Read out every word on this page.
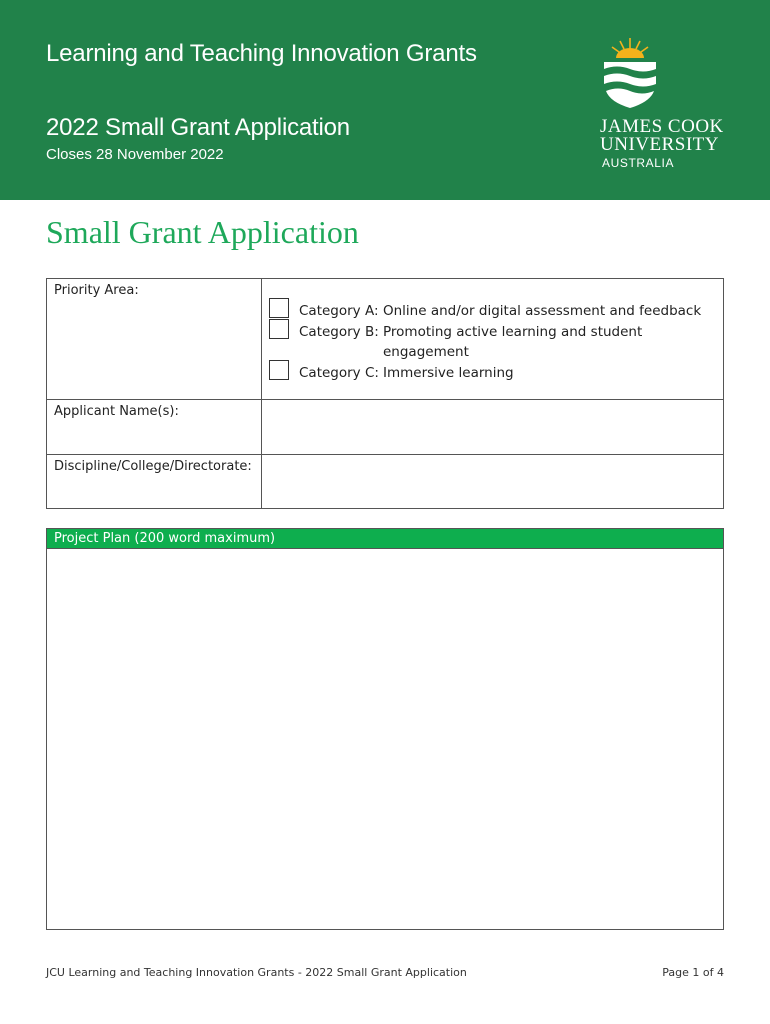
Learning and Teaching Innovation Grants
2022 Small Grant Application
Closes 28 November 2022
JAMES COOK
UNIVERSITY
AUSTRALIA
Small Grant Application
Priority Area:
Category A: Online and/or digital assessment and feedback
Category B: Promoting active learning and student engagement
Category C: Immersive learning
Applicant Name(s):
Discipline/College/Directorate:
Project Plan (200 word maximum)
JCU Learning and Teaching Innovation Grants - 2022 Small Grant Application	Page 1 of 4
